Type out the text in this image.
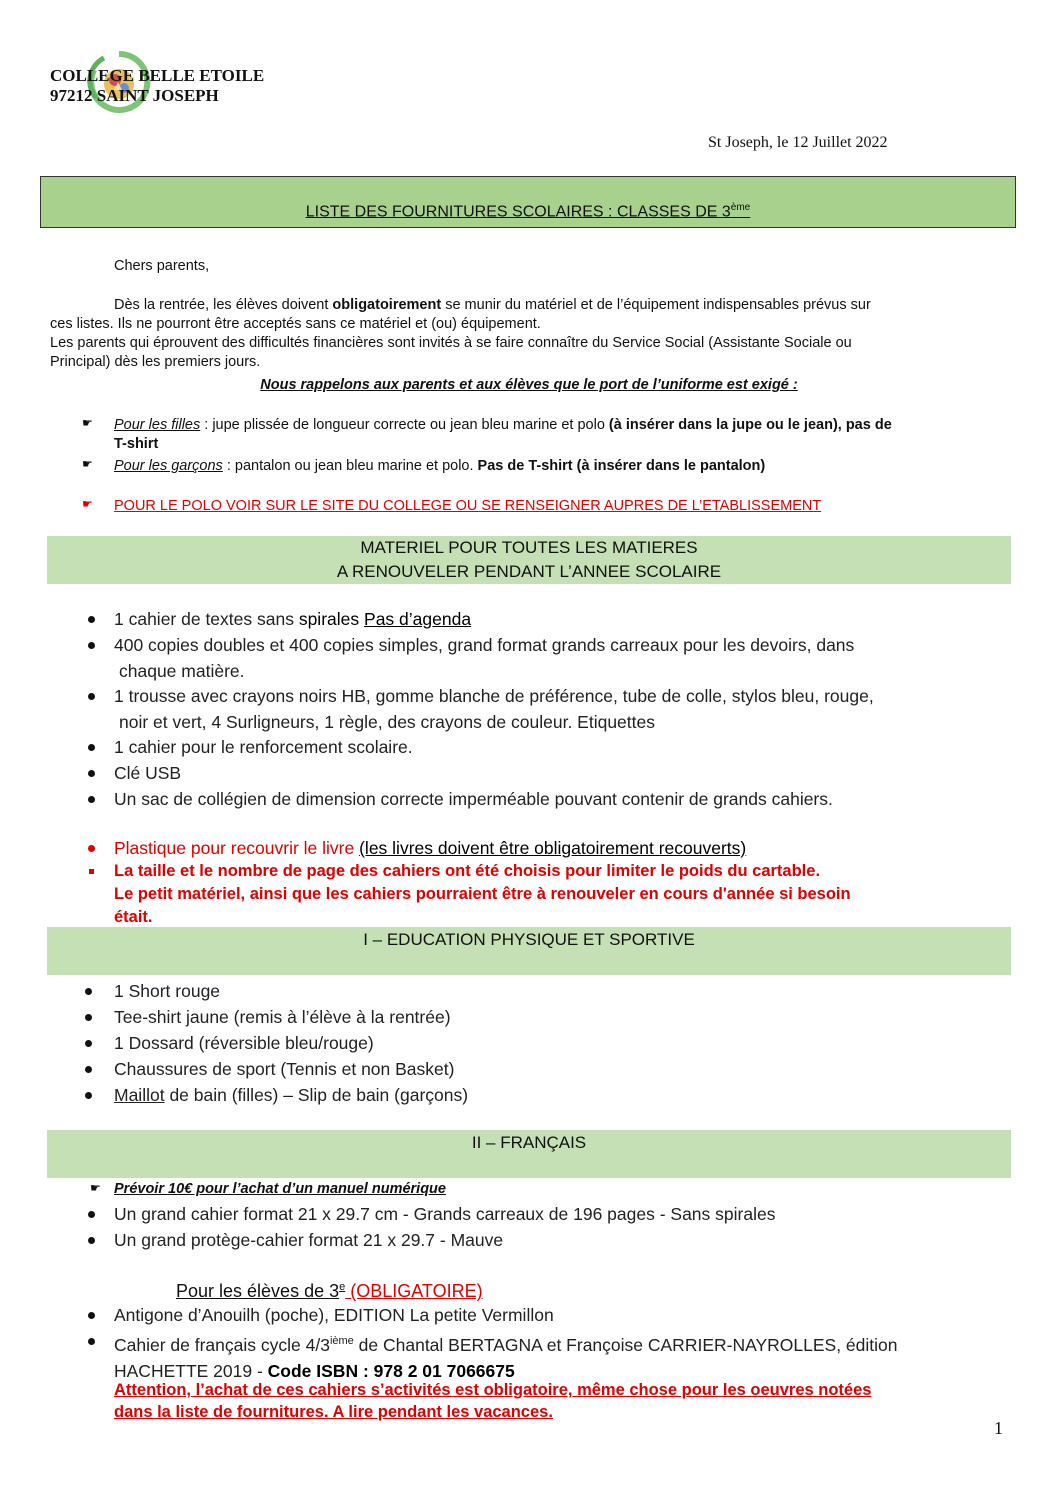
COLLEGE BELLE ETOILE
97212 SAINT JOSEPH
St Joseph, le 12 Juillet 2022
LISTE DES FOURNITURES SCOLAIRES : CLASSES DE 3ème
Chers parents,
Dès la rentrée, les élèves doivent obligatoirement se munir du matériel et de l’équipement indispensables prévus sur
ces listes. Ils ne pourront être acceptés sans ce matériel et (ou) équipement.
Les parents qui éprouvent des difficultés financières sont invités à se faire connaître du Service Social (Assistante Sociale ou
Principal) dès les premiers jours.
Nous rappelons aux parents et aux élèves que le port de l’uniforme est exigé :
☛ Pour les filles : jupe plissée de longueur correcte ou jean bleu marine et polo (à insérer dans la jupe ou le jean), pas de
T-shirt
☛ Pour les garçons : pantalon ou jean bleu marine et polo. Pas de T-shirt (à insérer dans le pantalon)
☛ POUR LE POLO VOIR SUR LE SITE DU COLLEGE OU SE RENSEIGNER AUPRES DE L’ETABLISSEMENT
MATERIEL POUR TOUTES LES MATIERES
A RENOUVELER PENDANT L’ANNEE SCOLAIRE
1 cahier de textes sans spirales Pas d’agenda
400 copies doubles et 400 copies simples, grand format grands carreaux pour les devoirs, dans
chaque matière.
1 trousse avec crayons noirs HB, gomme blanche de préférence, tube de colle, stylos bleu, rouge,
noir et vert, 4 Surligneurs, 1 règle, des crayons de couleur. Etiquettes
1 cahier pour le renforcement scolaire.
Clé USB
Un sac de collégien de dimension correcte imperméable pouvant contenir de grands cahiers.
Plastique pour recouvrir le livre (les livres doivent être obligatoirement recouverts)
La taille et le nombre de page des cahiers ont été choisis pour limiter le poids du cartable.
Le petit matériel, ainsi que les cahiers pourraient être à renouveler en cours d'année si besoin
était.
I – EDUCATION PHYSIQUE ET SPORTIVE
1 Short rouge
Tee-shirt jaune (remis à l’élève à la rentrée)
1 Dossard (réversible bleu/rouge)
Chaussures de sport (Tennis et non Basket)
Maillot de bain (filles) – Slip de bain (garçons)
II – FRANÇAIS
☛ Prévoir 10€ pour l’achat d’un manuel numérique
Un grand cahier format 21 x 29.7 cm - Grands carreaux de 196 pages - Sans spirales
Un grand protège-cahier format 21 x 29.7 - Mauve
Pour les élèves de 3e (OBLIGATOIRE)
Antigone d’Anouilh (poche), EDITION La petite Vermillon
Cahier de français cycle 4/3ième de Chantal BERTAGNA et Françoise CARRIER-NAYROLLES, édition
HACHETTE 2019 - Code ISBN : 978 2 01 7066675
Attention, l’achat de ces cahiers s’activités est obligatoire, même chose pour les oeuvres notées
dans la liste de fournitures. A lire pendant les vacances.
1
